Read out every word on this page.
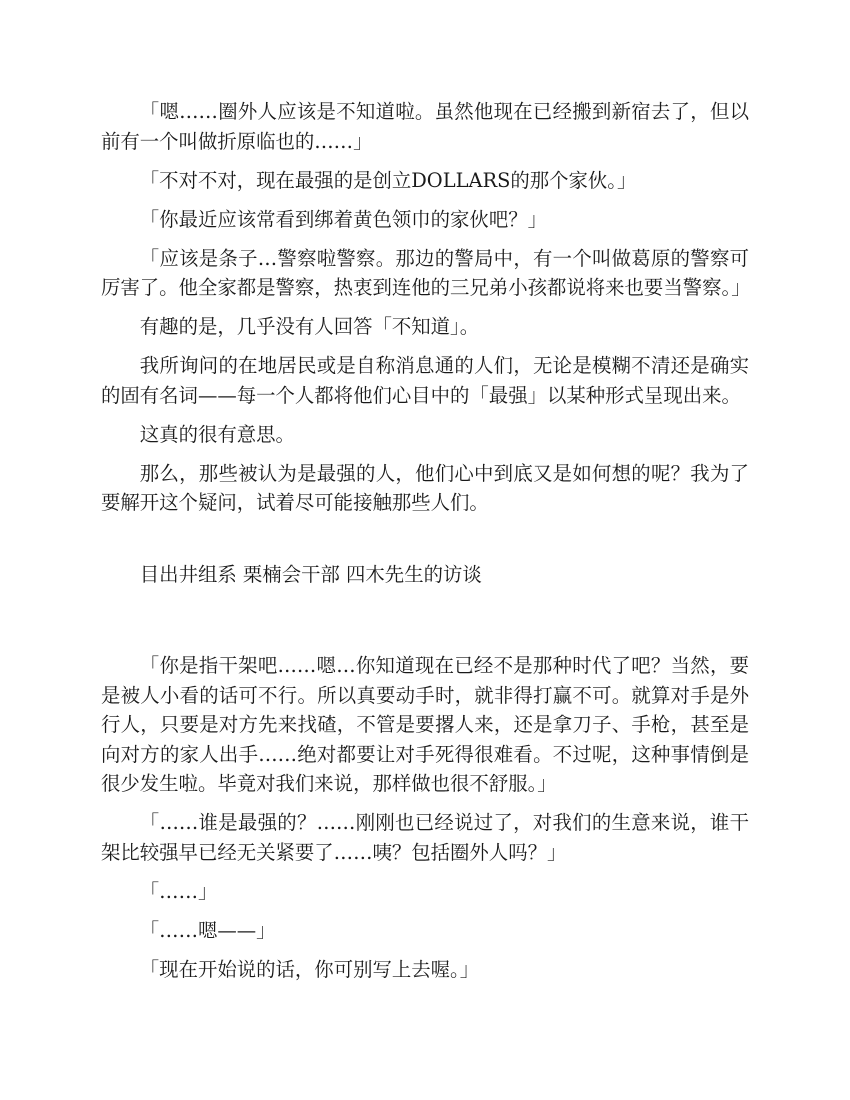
「嗯……圈外人应该是不知道啦。虽然他现在已经搬到新宿去了，但以前有一个叫做折原临也的……」

「不对不对，现在最强的是创立DOLLARS的那个家伙。」

「你最近应该常看到绑着黄色领巾的家伙吧？」

「应该是条子…警察啦警察。那边的警局中，有一个叫做葛原的警察可厉害了。他全家都是警察，热衷到连他的三兄弟小孩都说将来也要当警察。」

有趣的是，几乎没有人回答「不知道」。

我所询问的在地居民或是自称消息通的人们，无论是模糊不清还是确实的固有名词——每一个人都将他们心目中的「最强」以某种形式呈现出来。

这真的很有意思。

那么，那些被认为是最强的人，他们心中到底又是如何想的呢？我为了要解开这个疑问，试着尽可能接触那些人们。

目出井组系 栗楠会干部 四木先生的访谈

「你是指干架吧……嗯…你知道现在已经不是那种时代了吧？当然，要是被人小看的话可不行。所以真要动手时，就非得打赢不可。就算对手是外行人，只要是对方先来找碴，不管是要撂人来，还是拿刀子、手枪，甚至是向对方的家人出手……绝对都要让对手死得很难看。不过呢，这种事情倒是很少发生啦。毕竟对我们来说，那样做也很不舒服。」

「……谁是最强的？……刚刚也已经说过了，对我们的生意来说，谁干架比较强早已经无关紧要了……咦？包括圈外人吗？」

「……」

「……嗯——」

「现在开始说的话，你可别写上去喔。」
